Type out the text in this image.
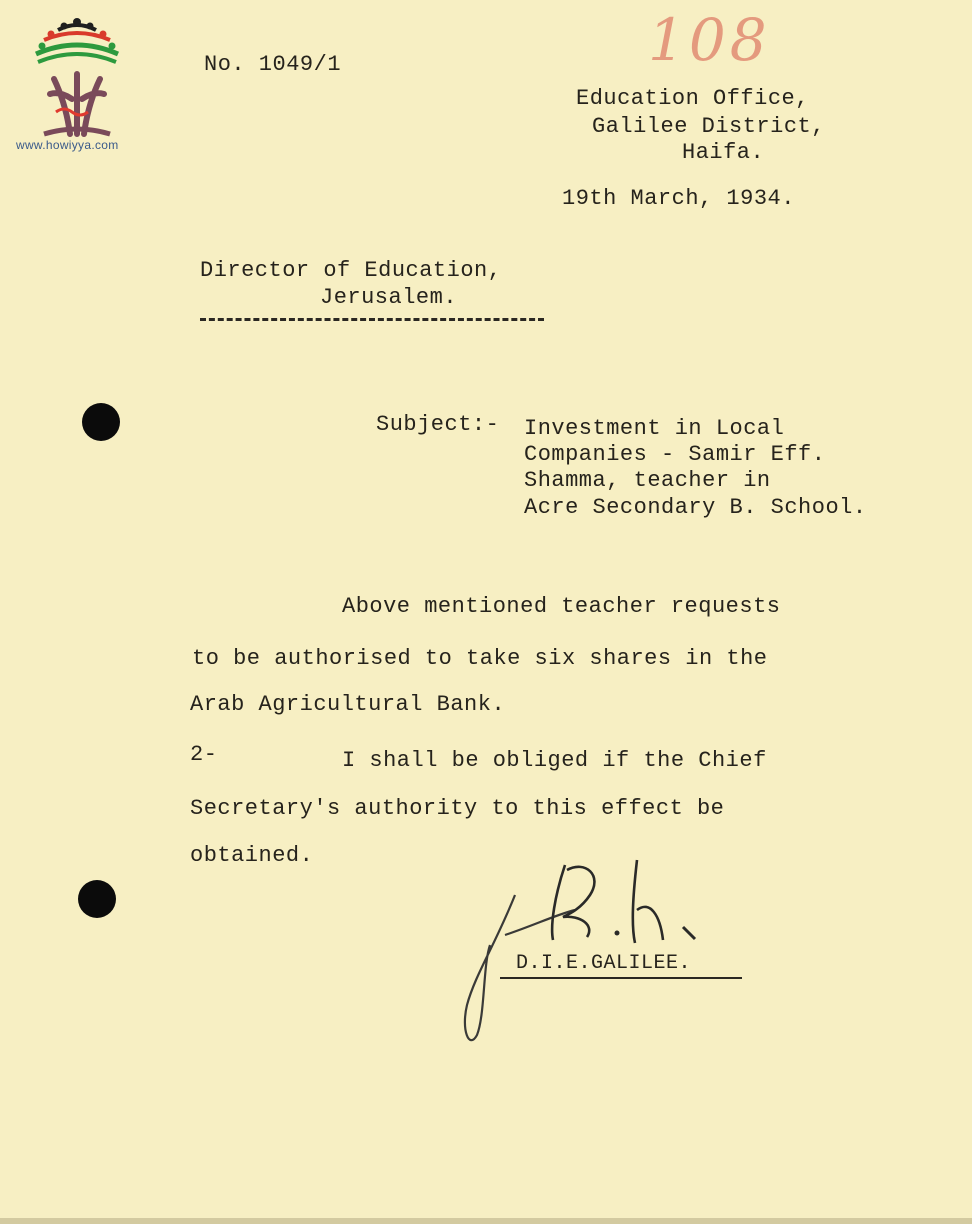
www.howiyya.com
108
No. 1049/1
Education Office,
Galilee District,
Haifa.
19th March, 1934.
Director of Education,
Jerusalem.
Subject:- Investment in Local
Companies - Samir Eff.
Shamma, teacher in
Acre Secondary B. School.
Above mentioned teacher requests
to be authorised to take six shares in the
Arab Agricultural Bank.
2-	I shall be obliged if the Chief
Secretary's authority to this effect be
obtained.
D.I.E.GALILEE.
